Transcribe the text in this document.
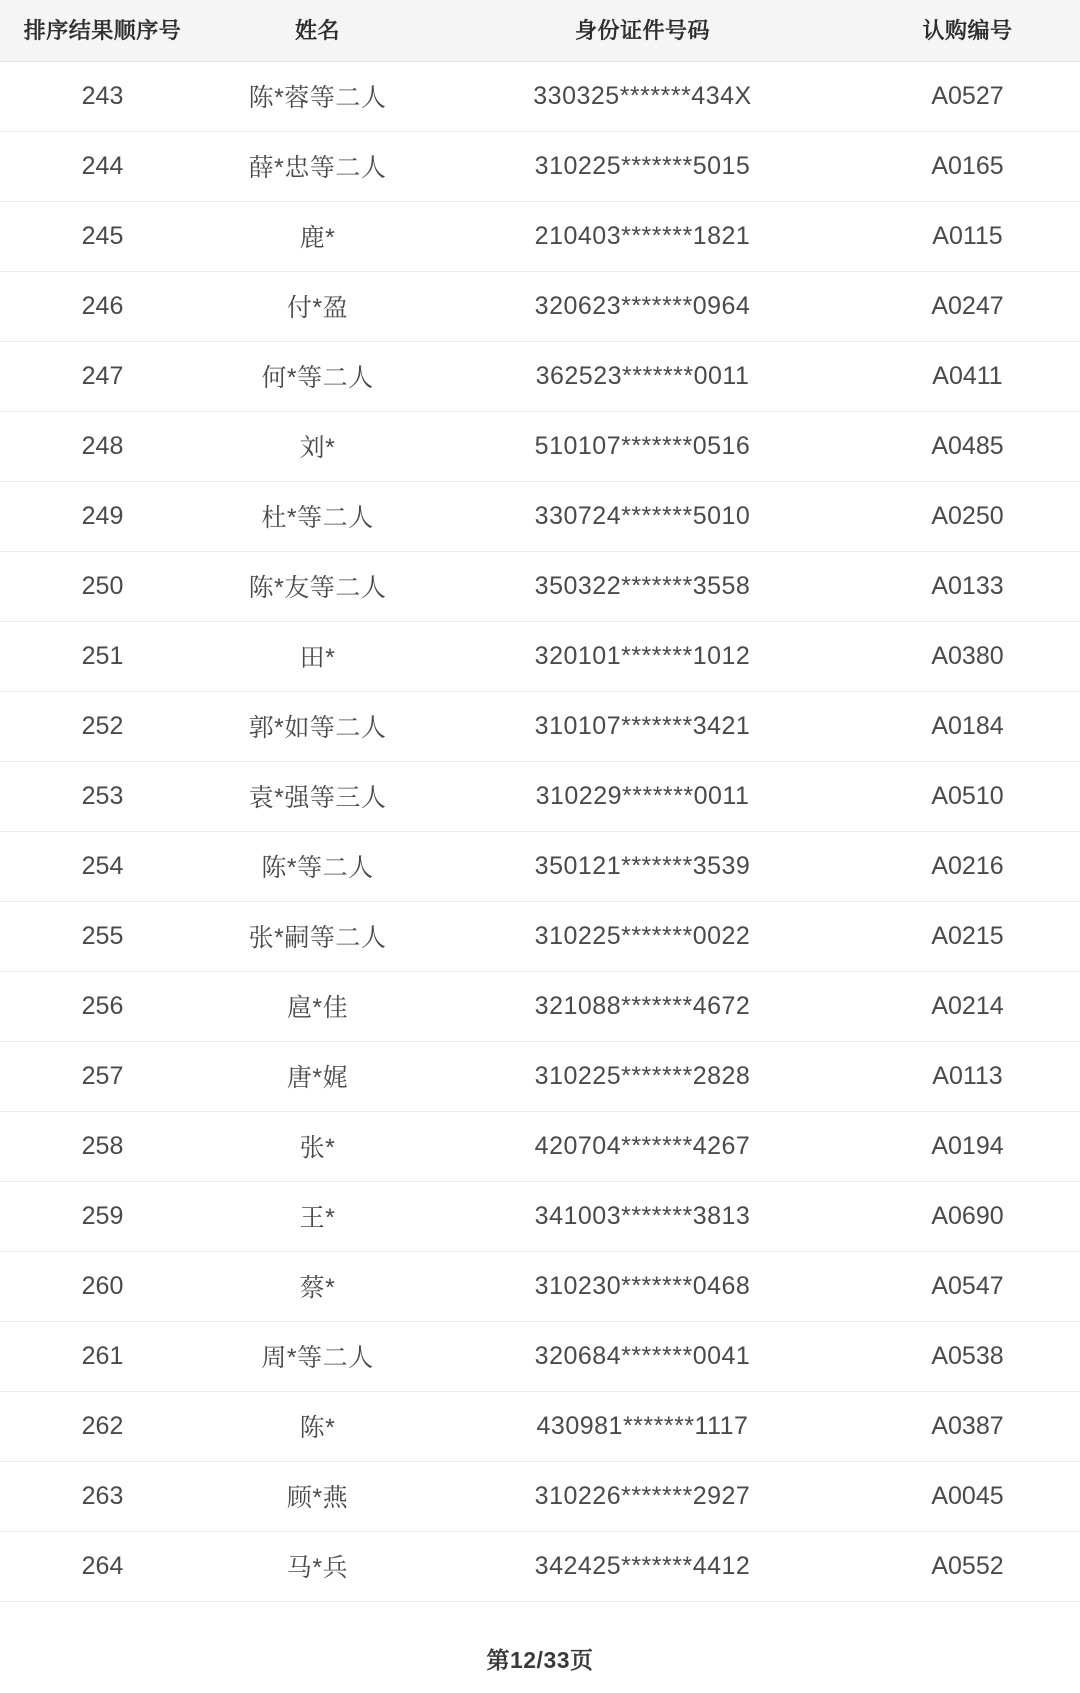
排序结果顺序号	姓名	身份证件号码	认购编号
243	陈*蓉等二人	330325*******434X	A0527
244	薛*忠等二人	310225*******5015	A0165
245	鹿*	210403*******1821	A0115
246	付*盈	320623*******0964	A0247
247	何*等二人	362523*******0011	A0411
248	刘*	510107*******0516	A0485
249	杜*等二人	330724*******5010	A0250
250	陈*友等二人	350322*******3558	A0133
251	田*	320101*******1012	A0380
252	郭*如等二人	310107*******3421	A0184
253	袁*强等三人	310229*******0011	A0510
254	陈*等二人	350121*******3539	A0216
255	张*嗣等二人	310225*******0022	A0215
256	扈*佳	321088*******4672	A0214
257	唐*娓	310225*******2828	A0113
258	张*	420704*******4267	A0194
259	王*	341003*******3813	A0690
260	蔡*	310230*******0468	A0547
261	周*等二人	320684*******0041	A0538
262	陈*	430981*******1117	A0387
263	顾*燕	310226*******2927	A0045
264	马*兵	342425*******4412	A0552
第12/33页
